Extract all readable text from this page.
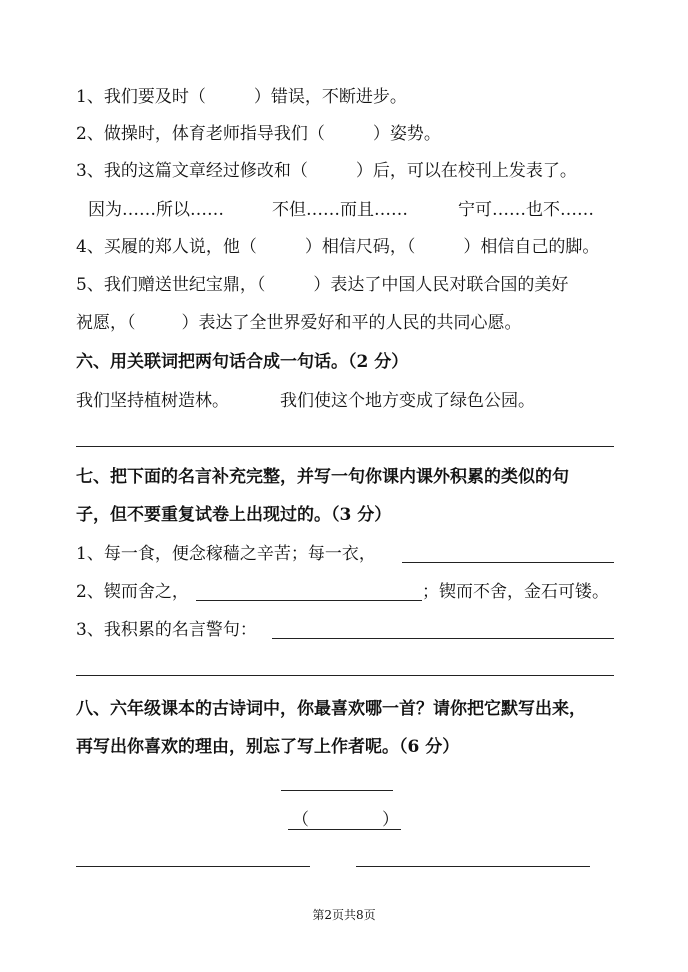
1、我们要及时（	）错误，不断进步。
2、做操时，体育老师指导我们（	）姿势。
3、我的这篇文章经过修改和（	）后，可以在校刊上发表了。
因为……所以……	不但……而且……	宁可……也不……
4、买履的郑人说，他（	）相信尺码，（	）相信自己的脚。
5、我们赠送世纪宝鼎，（	）表达了中国人民对联合国的美好
祝愿，（	）表达了全世界爱好和平的人民的共同心愿。
六、用关联词把两句话合成一句话。（2 分）
我们坚持植树造林。	我们使这个地方变成了绿色公园。
七、把下面的名言补充完整，并写一句你课内课外积累的类似的句
子，但不要重复试卷上出现过的。（3 分）
1、每一食，便念稼穑之辛苦；每一衣，
2、锲而舍之，	；锲而不舍，金石可镂。
3、我积累的名言警句：
八、六年级课本的古诗词中，你最喜欢哪一首？请你把它默写出来，
再写出你喜欢的理由，别忘了写上作者呢。（6 分）
（	）
第2页共8页
